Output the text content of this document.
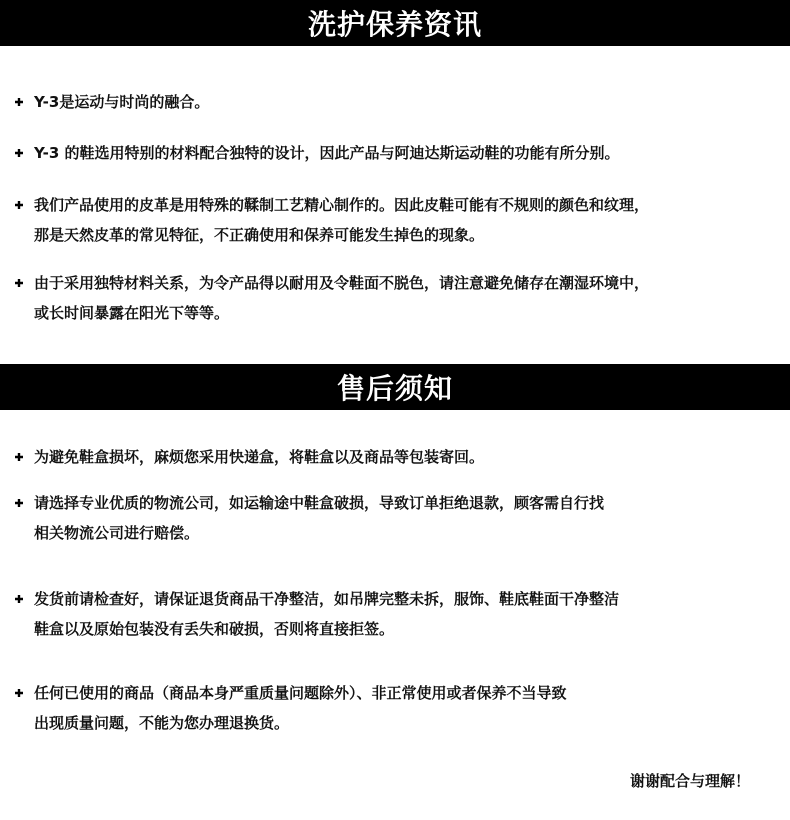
洗护保养资讯
Y-3是运动与时尚的融合。
Y-3 的鞋选用特别的材料配合独特的设计，因此产品与阿迪达斯运动鞋的功能有所分别。
我们产品使用的皮革是用特殊的鞣制工艺精心制作的。因此皮鞋可能有不规则的颜色和纹理，
那是天然皮革的常见特征，不正确使用和保养可能发生掉色的现象。
由于采用独特材料关系，为令产品得以耐用及令鞋面不脱色，请注意避免储存在潮湿环境中，
或长时间暴露在阳光下等等。
售后须知
为避免鞋盒损坏，麻烦您采用快递盒，将鞋盒以及商品等包装寄回。
请选择专业优质的物流公司，如运输途中鞋盒破损，导致订单拒绝退款，顾客需自行找
相关物流公司进行赔偿。
发货前请检查好，请保证退货商品干净整洁，如吊牌完整未拆，服饰、鞋底鞋面干净整洁
鞋盒以及原始包装没有丢失和破损，否则将直接拒签。
任何已使用的商品（商品本身严重质量问题除外）、非正常使用或者保养不当导致
出现质量问题，不能为您办理退换货。
谢谢配合与理解！
